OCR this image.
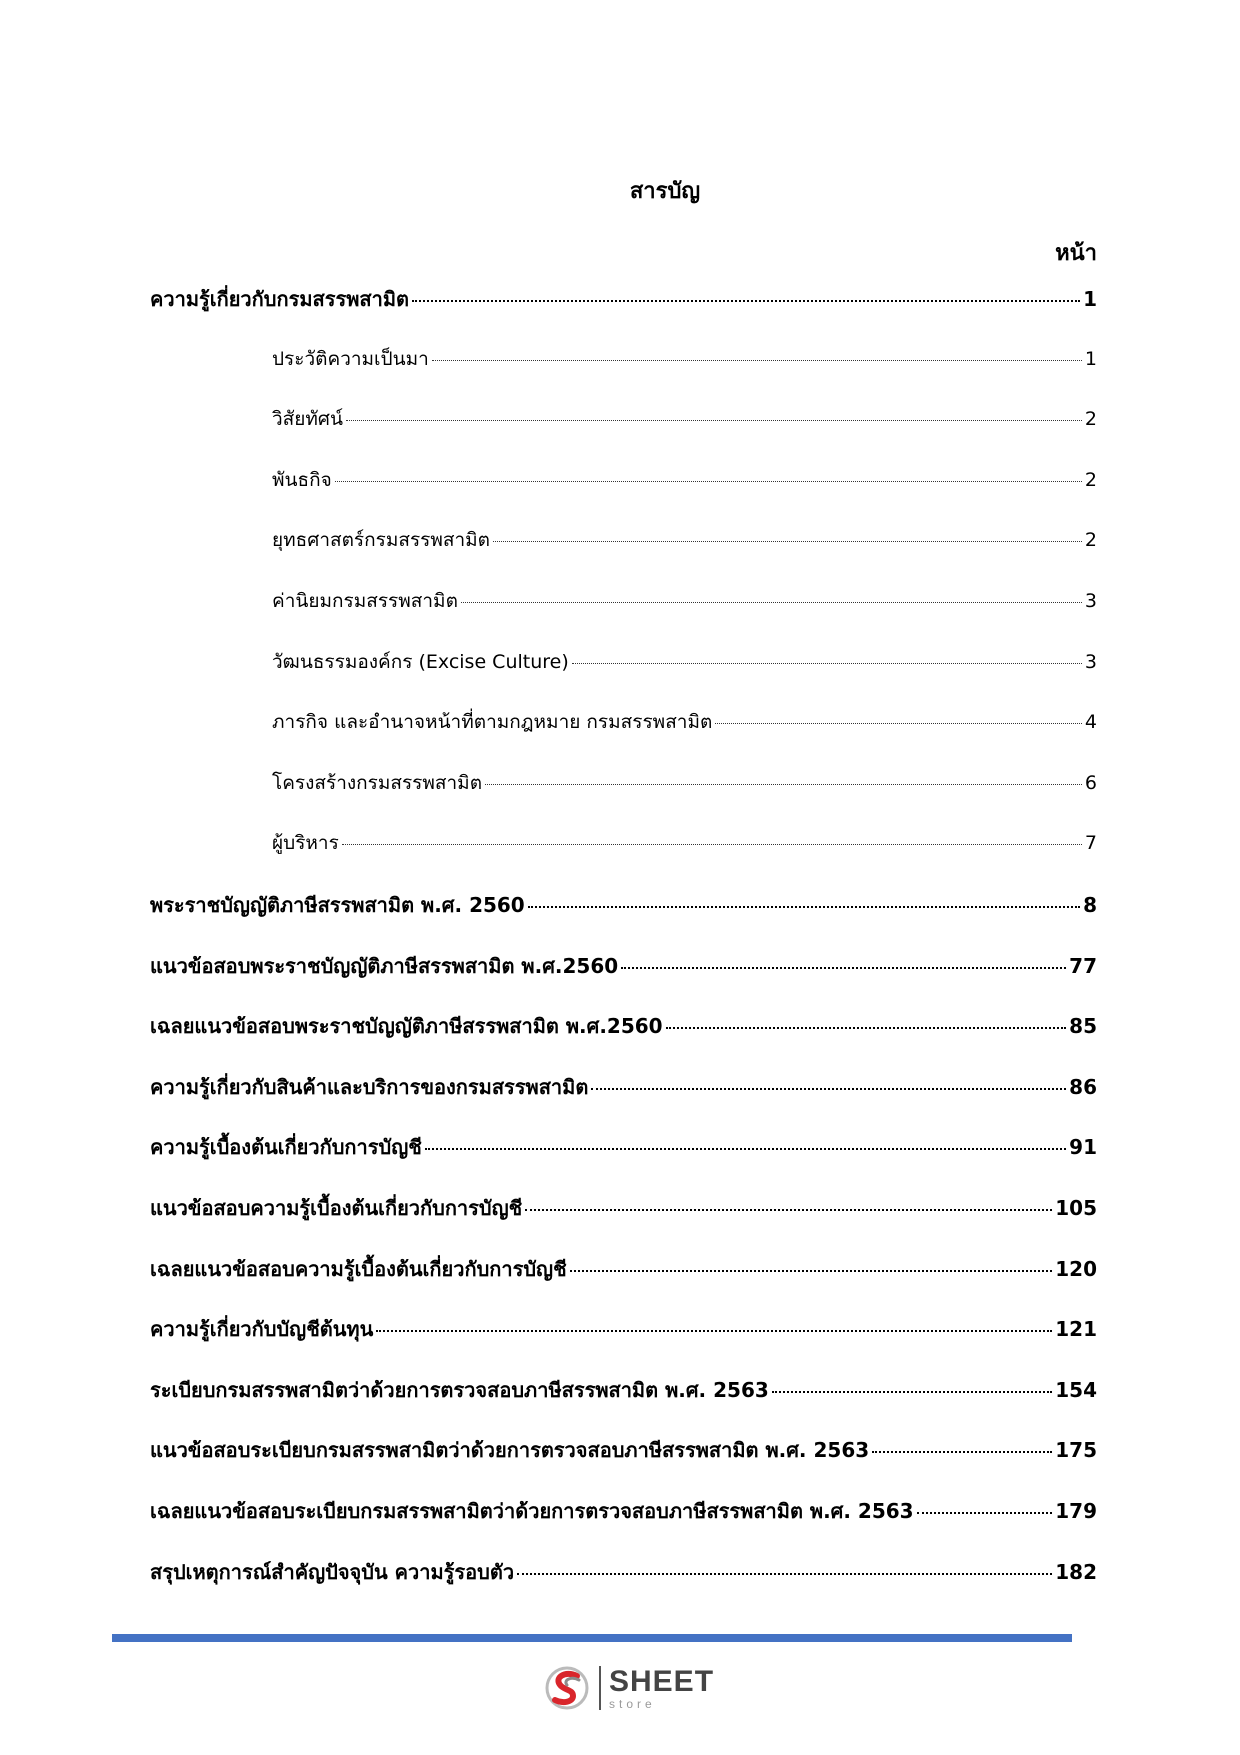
สารบัญ
หน้า
ความรู้เกี่ยวกับกรมสรรพสามิต	1
ประวัติความเป็นมา	1
วิสัยทัศน์	2
พันธกิจ	2
ยุทธศาสตร์กรมสรรพสามิต	2
ค่านิยมกรมสรรพสามิต	3
วัฒนธรรมองค์กร (Excise Culture)	3
ภารกิจ และอำนาจหน้าที่ตามกฎหมาย กรมสรรพสามิต	4
โครงสร้างกรมสรรพสามิต	6
ผู้บริหาร	7
พระราชบัญญัติภาษีสรรพสามิต พ.ศ. 2560	8
แนวข้อสอบพระราชบัญญัติภาษีสรรพสามิต พ.ศ.2560	77
เฉลยแนวข้อสอบพระราชบัญญัติภาษีสรรพสามิต พ.ศ.2560	85
ความรู้เกี่ยวกับสินค้าและบริการของกรมสรรพสามิต	86
ความรู้เบื้องต้นเกี่ยวกับการบัญชี	91
แนวข้อสอบความรู้เบื้องต้นเกี่ยวกับการบัญชี	105
เฉลยแนวข้อสอบความรู้เบื้องต้นเกี่ยวกับการบัญชี	120
ความรู้เกี่ยวกับบัญชีต้นทุน	121
ระเบียบกรมสรรพสามิตว่าด้วยการตรวจสอบภาษีสรรพสามิต พ.ศ. 2563	154
แนวข้อสอบระเบียบกรมสรรพสามิตว่าด้วยการตรวจสอบภาษีสรรพสามิต พ.ศ. 2563	175
เฉลยแนวข้อสอบระเบียบกรมสรรพสามิตว่าด้วยการตรวจสอบภาษีสรรพสามิต พ.ศ. 2563	179
สรุปเหตุการณ์สำคัญปัจจุบัน ความรู้รอบตัว	182
SHEET
store
